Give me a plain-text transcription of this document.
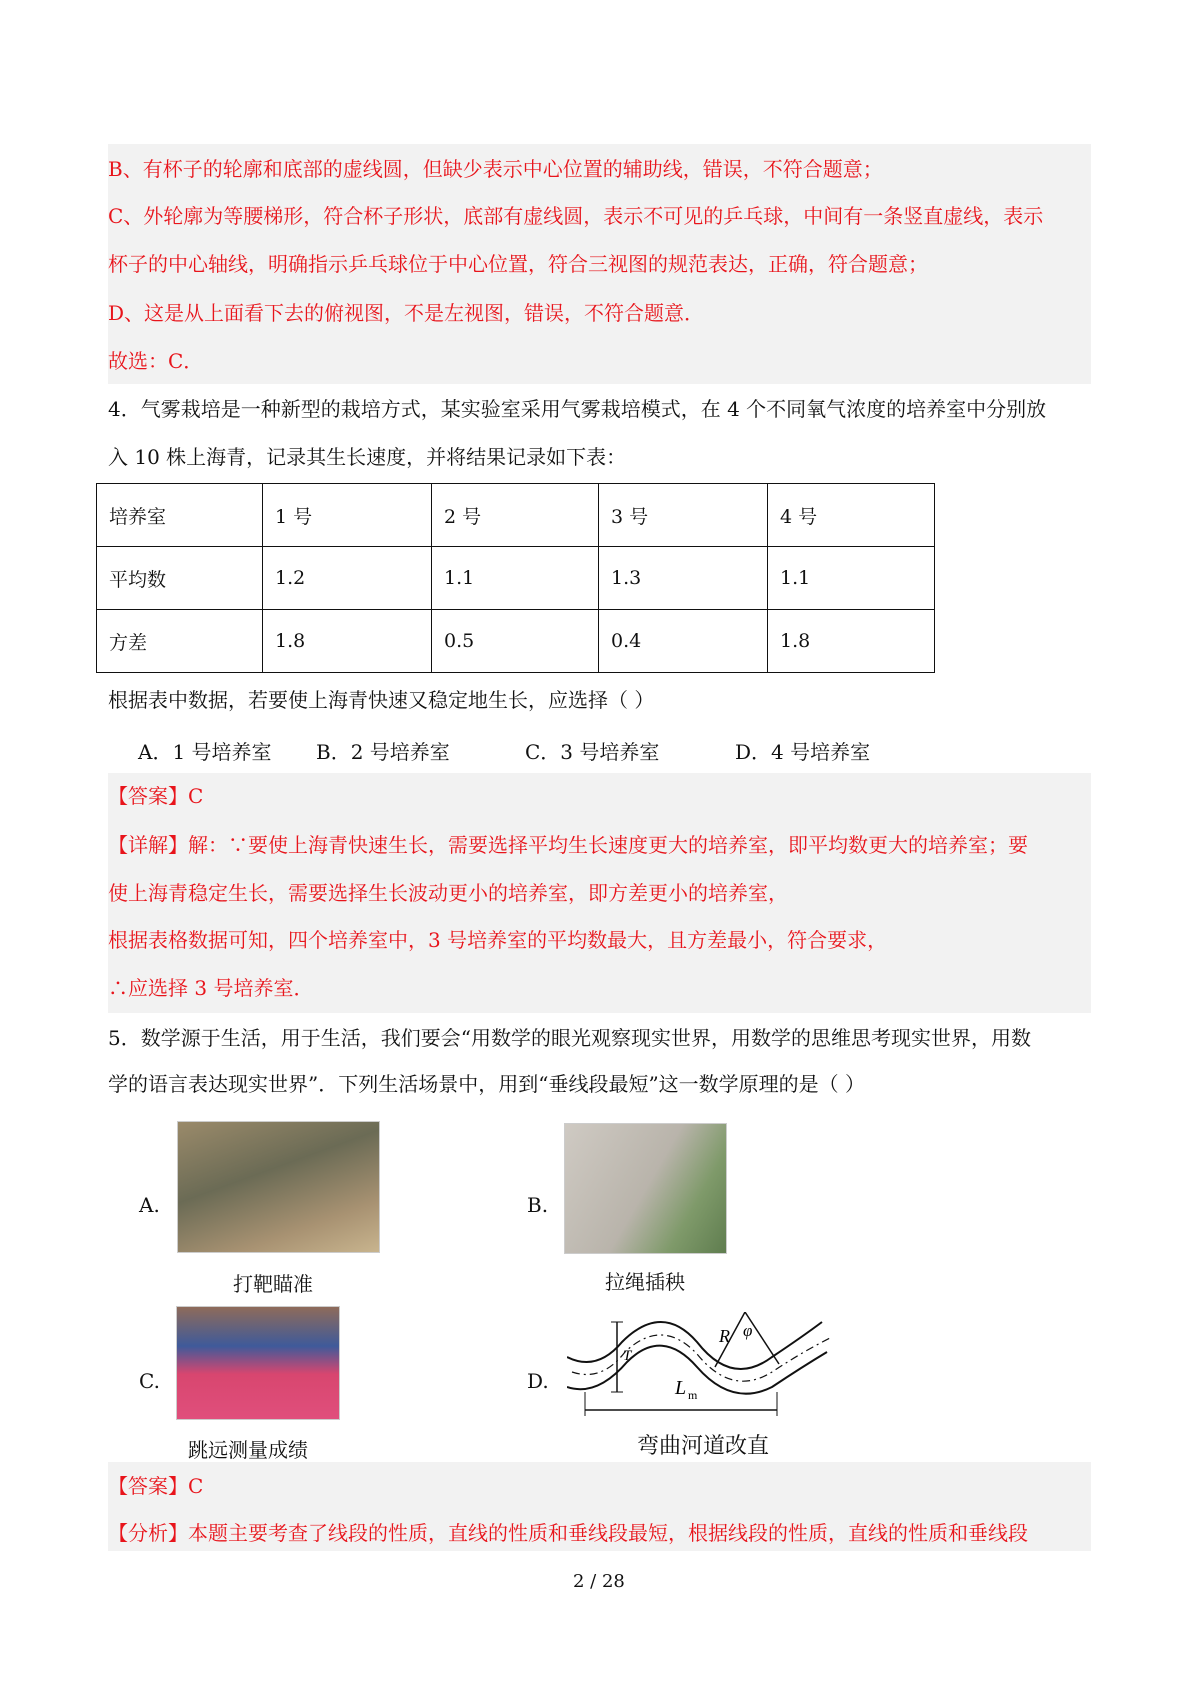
B、有杯子的轮廓和底部的虚线圆，但缺少表示中心位置的辅助线，错误，不符合题意；
C、外轮廓为等腰梯形，符合杯子形状，底部有虚线圆，表示不可见的乒乓球，中间有一条竖直虚线，表示
杯子的中心轴线，明确指示乒乓球位于中心位置，符合三视图的规范表达，正确，符合题意；
D、这是从上面看下去的俯视图，不是左视图，错误，不符合题意．
故选：C．
4．气雾栽培是一种新型的栽培方式，某实验室采用气雾栽培模式，在 4 个不同氧气浓度的培养室中分别放
入 10 株上海青，记录其生长速度，并将结果记录如下表：
培养室	1 号	2 号	3 号	4 号
平均数	1.2	1.1	1.3	1.1
方差	1.8	0.5	0.4	1.8
根据表中数据，若要使上海青快速又稳定地生长，应选择（ ）
A．1 号培养室 B．2 号培养室	C．3 号培养室	D．4 号培养室
【答案】C
【详解】解：∵要使上海青快速生长，需要选择平均生长速度更大的培养室，即平均数更大的培养室；要
使上海青稳定生长，需要选择生长波动更小的培养室，即方差更小的培养室，
根据表格数据可知，四个培养室中，3 号培养室的平均数最大，且方差最小，符合要求，
∴应选择 3 号培养室．
5．数学源于生活，用于生活，我们要会“用数学的眼光观察现实世界，用数学的思维思考现实世界，用数
学的语言表达现实世界”．下列生活场景中，用到“垂线段最短”这一数学原理的是（ ）
A.
打靶瞄准
B.
拉绳插秧
C.
跳远测量成绩
D.
R φ
T
L m
弯曲河道改直
【答案】C
【分析】本题主要考查了线段的性质，直线的性质和垂线段最短，根据线段的性质，直线的性质和垂线段
2 / 28
